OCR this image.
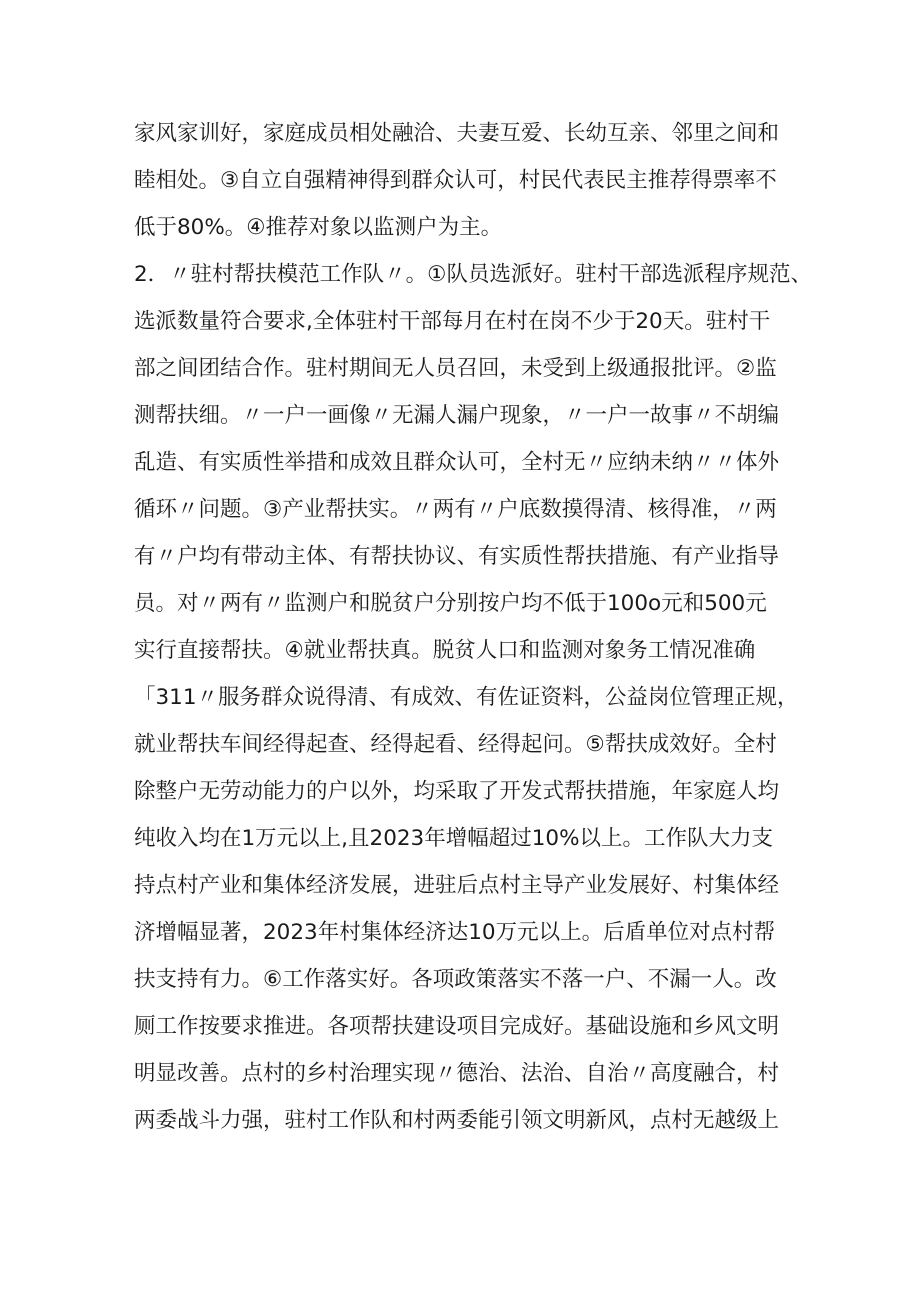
家风家训好，家庭成员相处融洽、夫妻互爱、长幼互亲、邻里之间和
睦相处。③自立自强精神得到群众认可，村民代表民主推荐得票率不
低于80%。④推荐对象以监测户为主。
2．〃驻村帮扶模范工作队〃。①队员选派好。驻村干部选派程序规范、
选派数量符合要求,全体驻村干部每月在村在岗不少于20天。驻村干
部之间团结合作。驻村期间无人员召回，未受到上级通报批评。②监
测帮扶细。〃一户一画像〃无漏人漏户现象，〃一户一故事〃不胡编
乱造、有实质性举措和成效且群众认可，全村无〃应纳未纳〃〃体外
循环〃问题。③产业帮扶实。〃两有〃户底数摸得清、核得准，〃两
有〃户均有带动主体、有帮扶协议、有实质性帮扶措施、有产业指导
员。对〃两有〃监测户和脱贫户分别按户均不低于100o元和500元
实行直接帮扶。④就业帮扶真。脱贫人口和监测对象务工情况准确
「311〃服务群众说得清、有成效、有佐证资料，公益岗位管理正规，
就业帮扶车间经得起查、经得起看、经得起问。⑤帮扶成效好。全村
除整户无劳动能力的户以外，均采取了开发式帮扶措施，年家庭人均
纯收入均在1万元以上,且2023年增幅超过10%以上。工作队大力支
持点村产业和集体经济发展，进驻后点村主导产业发展好、村集体经
济增幅显著，2023年村集体经济达10万元以上。后盾单位对点村帮
扶支持有力。⑥工作落实好。各项政策落实不落一户、不漏一人。改
厕工作按要求推进。各项帮扶建设项目完成好。基础设施和乡风文明
明显改善。点村的乡村治理实现〃德治、法治、自治〃高度融合，村
两委战斗力强，驻村工作队和村两委能引领文明新风，点村无越级上
